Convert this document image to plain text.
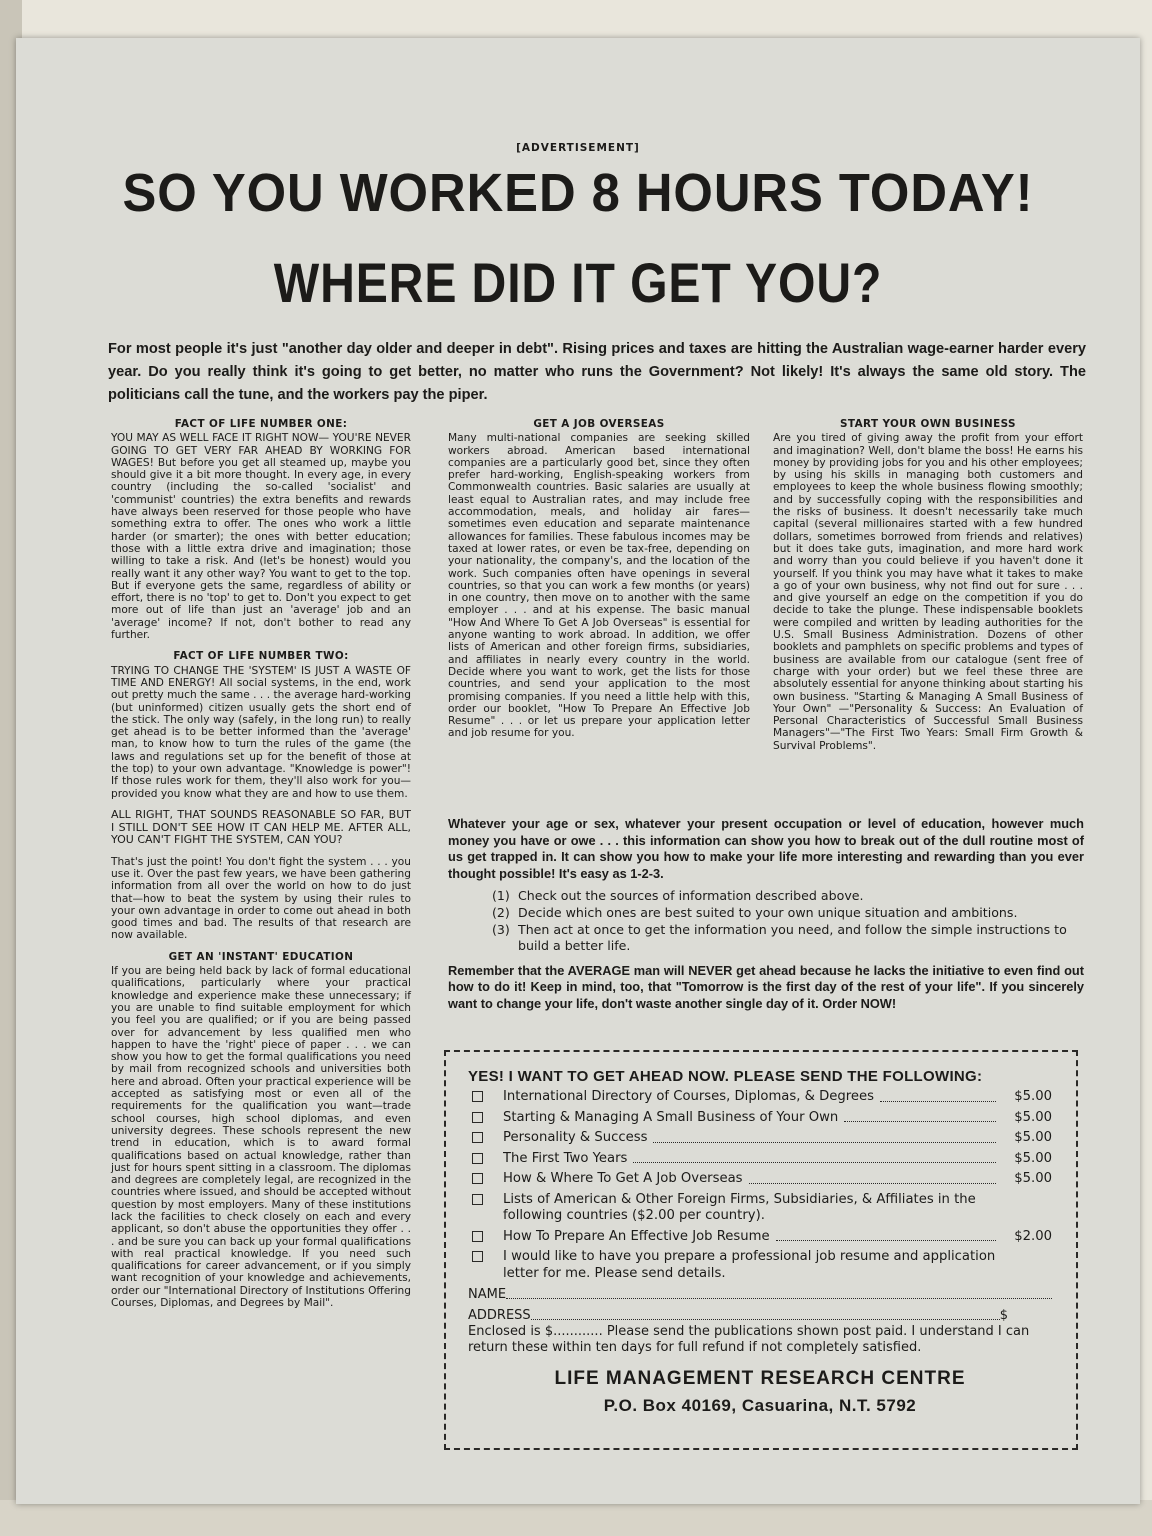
[ADVERTISEMENT]
SO YOU WORKED 8 HOURS TODAY!
WHERE DID IT GET YOU?
For most people it's just "another day older and deeper in debt". Rising prices and taxes are hitting the Australian wage-earner harder every year. Do you really think it's going to get better, no matter who runs the Government? Not likely! It's always the same old story. The politicians call the tune, and the workers pay the piper.
FACT OF LIFE NUMBER ONE:
YOU MAY AS WELL FACE IT RIGHT NOW— YOU'RE NEVER GOING TO GET VERY FAR AHEAD BY WORKING FOR WAGES! But before you get all steamed up, maybe you should give it a bit more thought. In every age, in every country (including the so-called 'socialist' and 'communist' countries) the extra benefits and rewards have always been reserved for those people who have something extra to offer. The ones who work a little harder (or smarter); the ones with better education; those with a little extra drive and imagination; those willing to take a risk. And (let's be honest) would you really want it any other way? You want to get to the top. But if everyone gets the same, regardless of ability or effort, there is no 'top' to get to. Don't you expect to get more out of life than just an 'average' job and an 'average' income? If not, don't bother to read any further.
FACT OF LIFE NUMBER TWO:
TRYING TO CHANGE THE 'SYSTEM' IS JUST A WASTE OF TIME AND ENERGY! All social systems, in the end, work out pretty much the same . . . the average hard-working (but uninformed) citizen usually gets the short end of the stick. The only way (safely, in the long run) to really get ahead is to be better informed than the 'average' man, to know how to turn the rules of the game (the laws and regulations set up for the benefit of those at the top) to your own advantage. "Knowledge is power"! If those rules work for them, they'll also work for you—provided you know what they are and how to use them.
ALL RIGHT, THAT SOUNDS REASONABLE SO FAR, BUT I STILL DON'T SEE HOW IT CAN HELP ME. AFTER ALL, YOU CAN'T FIGHT THE SYSTEM, CAN YOU?
That's just the point! You don't fight the system . . . you use it. Over the past few years, we have been gathering information from all over the world on how to do just that—how to beat the system by using their rules to your own advantage in order to come out ahead in both good times and bad. The results of that research are now available.
GET AN 'INSTANT' EDUCATION
If you are being held back by lack of formal educational qualifications, particularly where your practical knowledge and experience make these unnecessary; if you are unable to find suitable employment for which you feel you are qualified; or if you are being passed over for advancement by less qualified men who happen to have the 'right' piece of paper . . . we can show you how to get the formal qualifications you need by mail from recognized schools and universities both here and abroad. Often your practical experience will be accepted as satisfying most or even all of the requirements for the qualification you want—trade school courses, high school diplomas, and even university degrees. These schools represent the new trend in education, which is to award formal qualifications based on actual knowledge, rather than just for hours spent sitting in a classroom. The diplomas and degrees are completely legal, are recognized in the countries where issued, and should be accepted without question by most employers. Many of these institutions lack the facilities to check closely on each and every applicant, so don't abuse the opportunities they offer . . . and be sure you can back up your formal qualifications with real practical knowledge. If you need such qualifications for career advancement, or if you simply want recognition of your knowledge and achievements, order our "International Directory of Institutions Offering Courses, Diplomas, and Degrees by Mail".
GET A JOB OVERSEAS
Many multi-national companies are seeking skilled workers abroad. American based international companies are a particularly good bet, since they often prefer hard-working, English-speaking workers from Commonwealth countries. Basic salaries are usually at least equal to Australian rates, and may include free accommodation, meals, and holiday air fares—sometimes even education and separate maintenance allowances for families. These fabulous incomes may be taxed at lower rates, or even be tax-free, depending on your nationality, the company's, and the location of the work. Such companies often have openings in several countries, so that you can work a few months (or years) in one country, then move on to another with the same employer . . . and at his expense. The basic manual "How And Where To Get A Job Overseas" is essential for anyone wanting to work abroad. In addition, we offer lists of American and other foreign firms, subsidiaries, and affiliates in nearly every country in the world. Decide where you want to work, get the lists for those countries, and send your application to the most promising companies. If you need a little help with this, order our booklet, "How To Prepare An Effective Job Resume" . . . or let us prepare your application letter and job resume for you.
START YOUR OWN BUSINESS
Are you tired of giving away the profit from your effort and imagination? Well, don't blame the boss! He earns his money by providing jobs for you and his other employees; by using his skills in managing both customers and employees to keep the whole business flowing smoothly; and by successfully coping with the responsibilities and the risks of business. It doesn't necessarily take much capital (several millionaires started with a few hundred dollars, sometimes borrowed from friends and relatives) but it does take guts, imagination, and more hard work and worry than you could believe if you haven't done it yourself. If you think you may have what it takes to make a go of your own business, why not find out for sure . . . and give yourself an edge on the competition if you do decide to take the plunge. These indispensable booklets were compiled and written by leading authorities for the U.S. Small Business Administration. Dozens of other booklets and pamphlets on specific problems and types of business are available from our catalogue (sent free of charge with your order) but we feel these three are absolutely essential for anyone thinking about starting his own business. "Starting & Managing A Small Business of Your Own" —"Personality & Success: An Evaluation of Personal Characteristics of Successful Small Business Managers"—"The First Two Years: Small Firm Growth & Survival Problems".
Whatever your age or sex, whatever your present occupation or level of education, however much money you have or owe . . . this information can show you how to break out of the dull routine most of us get trapped in. It can show you how to make your life more interesting and rewarding than you ever thought possible! It's easy as 1-2-3.
(1) Check out the sources of information described above.
(2) Decide which ones are best suited to your own unique situation and ambitions.
(3) Then act at once to get the information you need, and follow the simple instructions to build a better life.
Remember that the AVERAGE man will NEVER get ahead because he lacks the initiative to even find out how to do it! Keep in mind, too, that "Tomorrow is the first day of the rest of your life". If you sincerely want to change your life, don't waste another single day of it. Order NOW!
YES! I WANT TO GET AHEAD NOW. PLEASE SEND THE FOLLOWING:
International Directory of Courses, Diplomas, & Degrees	$5.00
Starting & Managing A Small Business of Your Own	$5.00
Personality & Success	$5.00
The First Two Years	$5.00
How & Where To Get A Job Overseas	$5.00
Lists of American & Other Foreign Firms, Subsidiaries, & Affiliates in the following countries ($2.00 per country).
How To Prepare An Effective Job Resume	$2.00
I would like to have you prepare a professional job resume and application letter for me. Please send details.
NAME
ADDRESS	$
Enclosed is $............ Please send the publications shown post paid. I understand I can return these within ten days for full refund if not completely satisfied.
LIFE MANAGEMENT RESEARCH CENTRE
P.O. Box 40169, Casuarina, N.T. 5792
